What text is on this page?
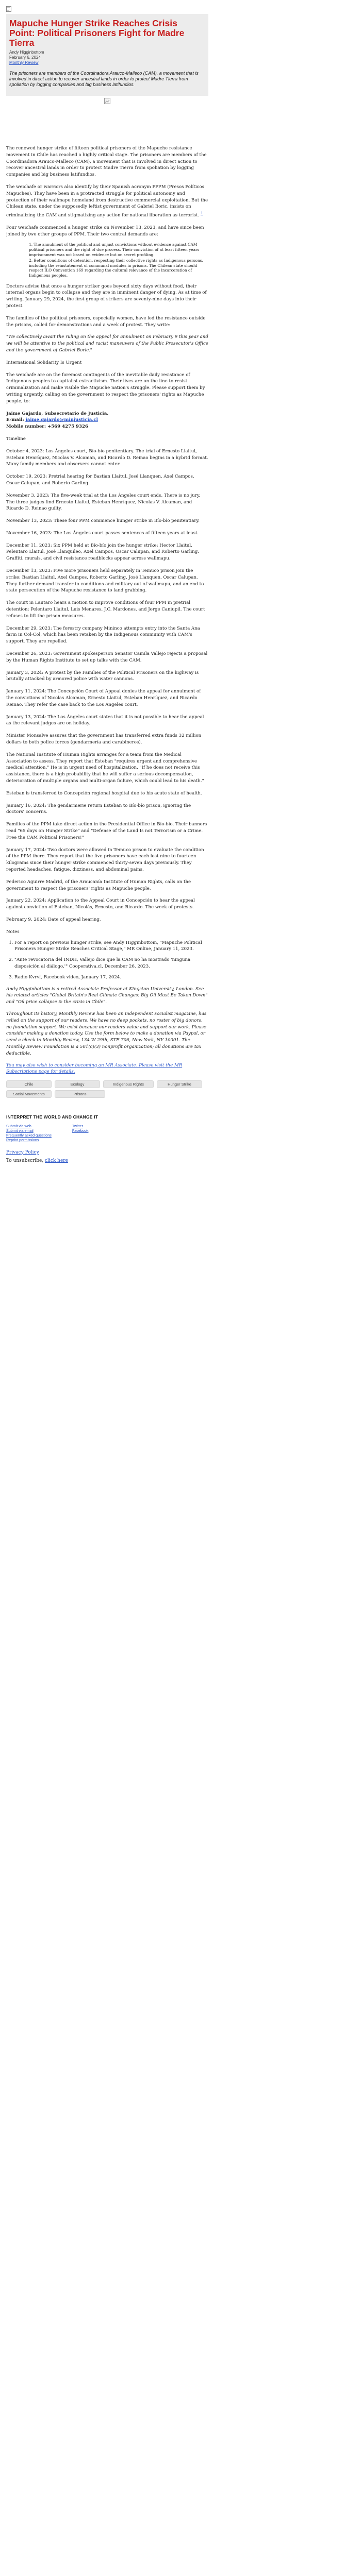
Mapuche Hunger Strike Reaches Crisis Point: Political Prisoners Fight for Madre Tierra
Andy Higginbottom
February 6, 2024
Monthly Review

The prisoners are members of the Coordinadora Arauco-Malleco (CAM), a movement that is involved in direct action to recover ancestral lands in order to protect Madre Tierra from spoliation by logging companies and big business latifundios.

The renewed hunger strike of fifteen political prisoners of the Mapuche resistance movement in Chile has reached a highly critical stage. The prisoners are members of the Coordinadora Arauco-Malleco (CAM), a movement that is involved in direct action to recover ancestral lands in order to protect Madre Tierra from spoliation by logging companies and big business latifundios.

The weichafe or warriors also identify by their Spanish acronym PPPM (Presos Políticos Mapuches). They have been in a protracted struggle for political autonomy and protection of their wallmapu homeland from destructive commercial exploitation. But the Chilean state, under the supposedly leftist government of Gabriel Boric, insists on criminalizing the CAM and stigmatizing any action for national liberation as terrorist. $^1$

Four weichafe commenced a hunger strike on November 13, 2023, and have since been joined by two other groups of PPM. Their two central demands are:

1. The annulment of the political and unjust convictions without evidence against CAM political prisoners and the right of due process. Their conviction of at least fifteen years imprisonment was not based on evidence but on secret profiling.
2. Better conditions of detention, respecting their collective rights as Indigenous persons, including the reinstatement of communal modules in prisons. The Chilean state should respect ILO Convention 169 regarding the cultural relevance of the incarceration of Indigenous peoples.

Doctors advise that once a hunger striker goes beyond sixty days without food, their internal organs begin to collapse and they are in imminent danger of dying. As at time of writing, January 29, 2024, the first group of strikers are seventy-nine days into their protest.

The families of the political prisoners, especially women, have led the resistance outside the prisons, called for demonstrations and a week of protest. They write:

"We collectively await the ruling on the appeal for annulment on February 9 this year and we will be attentive to the political and racist maneuvers of the Public Prosecutor's Office and the government of Gabriel Boric."

International Solidarity Is Urgent

The weichafe are on the foremost contingents of the inevitable daily resistance of Indigenous peoples to capitalist extractivism. Their lives are on the line to resist criminalization and make visible the Mapuche nation's struggle. Please support them by writing urgently, calling on the government to respect the prisoners' rights as Mapuche people, to:

Jaime Gajardo, Subsecretario de Justicia.
E-mail: jaime.gajardo@minjusticia.cl
Mobile number: +569 4275 9326

Timeline

October 4, 2023: Los Ángeles court, Bío-bío penitentiary. The trial of Ernesto Llaitul, Esteban Henríquez, Nicolas V. Alcaman, and Ricardo D. Reinao begins in a hybrid format. Many family members and observers cannot enter.

October 19, 2023: Pretrial hearing for Bastian Llaitul, José Llanquen, Axel Campos, Oscar Calupan, and Roberto Garling.

November 3, 2023: The five-week trial at the Los Ángeles court ends. There is no jury. The three judges find Ernesto Llaitul, Esteban Henríquez, Nicolas V. Alcaman, and Ricardo D. Reinao guilty.

November 13, 2023: These four PPM commence hunger strike in Bío-bío penitentiary.

November 16, 2023: The Los Ángeles court passes sentences of fifteen years at least.

December 11, 2023: Six PPM held at Bío-bío join the hunger strike: Hector Llaitul, Pelentaro Llaitul, José Llanquileo, Axel Campos, Oscar Calupan, and Roberto Garling. Graffiti, murals, and civil resistance roadblocks appear across wallmapu.

December 13, 2023: Five more prisoners held separately in Temuco prison join the strike: Bastian Llaitul, Axel Campos, Roberto Garling, José Llanquen, Oscar Calupan. They further demand transfer to conditions and military out of wallmapu, and an end to state persecution of the Mapuche resistance to land grabbing.

The court in Lautaro hears a motion to improve conditions of four PPM in pretrial detention: Pelentaro Llaitul, Luis Menares, J.C. Mardones, and Jorge Caniupil. The court refuses to lift the prison measures.

December 29, 2023: The forestry company Mininco attempts entry into the Santa Ana farm in Col-Col, which has been retaken by the Indigenous community with CAM's support. They are repelled.

December 26, 2023: Government spokesperson Senator Camila Vallejo rejects a proposal by the Human Rights Institute to set up talks with the CAM.

January 3, 2024: A protest by the Families of the Political Prisoners on the highway is brutally attacked by armored police with water cannons.

January 11, 2024: The Concepción Court of Appeal denies the appeal for annulment of the convictions of Nicolas Alcaman, Ernesto Llaitul, Esteban Henríquez, and Ricardo Reinao. They refer the case back to the Los Ángeles court.

January 13, 2024: The Los Ángeles court states that it is not possible to hear the appeal as the relevant judges are on holiday.

Minister Monsalve assures that the government has transferred extra funds 32 million dollars to both police forces (gendarmería and carabineros).

The National Institute of Human Rights arranges for a team from the Medical Association to assess. They report that Esteban "requires urgent and comprehensive medical attention." He is in urgent need of hospitalization. "If he does not receive this assistance, there is a high probability that he will suffer a serious decompensation, deterioration of multiple organs and multi-organ failure, which could lead to his death."

Esteban is transferred to Concepción regional hospital due to his acute state of health.

January 16, 2024: The gendarmerie return Esteban to Bío-bío prison, ignoring the doctors' concerns.

Families of the PPM take direct action in the Presidential Office in Bío-bío. Their banners read "65 days on Hunger Strike" and "Defense of the Land Is not Terrorism or a Crime. Free the CAM Political Prisoners!"

January 17, 2024: Two doctors were allowed in Temuco prison to evaluate the condition of the PPM there. They report that the five prisoners have each lost nine to fourteen kilograms since their hunger strike commenced thirty-seven days previously. They reported headaches, fatigue, dizziness, and abdominal pains.

Federico Aguirre Madrid, of the Araucanía Institute of Human Rights, calls on the government to respect the prisoners' rights as Mapuche people.

January 22, 2024: Application to the Appeal Court in Concepción to hear the appeal against conviction of Esteban, Nicolás, Ernesto, and Ricardo. The week of protests.

February 9, 2024: Date of appeal hearing.

Notes

1. For a report on previous hunger strike, see Andy Higginbottom, "Mapuche Political Prisoners Hunger Strike Reaches Critical Stage," MR Online, January 11, 2023.
2. "Ante revocatoria del INDH, Vallejo dice que la CAM no ha mostrado 'ninguna disposición al diálogo,'" Cooperativa.cl, December 26, 2023.
3. Radio Kvrvf, Facebook video, January 17, 2024.

Andy Higginbottom is a retired Associate Professor at Kingston University, London. See his related articles "Global Britain's Real Climate Changes: Big Oil Must Be Taken Down" and "Oil price collapse & the crisis in Chile".

Throughout its history, Monthly Review has been an independent socialist magazine, has relied on the support of our readers. We have no deep pockets, no roster of big donors, no foundation support. We exist because our readers value and support our work. Please consider making a donation today. Use the form below to make a donation via Paypal, or send a check to Monthly Review, 134 W 29th, STE 706, New York, NY 10001. The Monthly Review Foundation is a 501(c)(3) nonprofit organization; all donations are tax deductible.

You may also wish to consider becoming an MR Associate. Please visit the MR Subscriptions page for details.

Chile	Ecology	Indigenous Rights	Hunger Strike
Social Movements	Prisons
INTERPRET THE WORLD AND CHANGE IT
Submit via web
Submit via email
Frequently asked questions
Reprint permissions
Twitter
Facebook

Privacy Policy

To unsubscribe, click here
